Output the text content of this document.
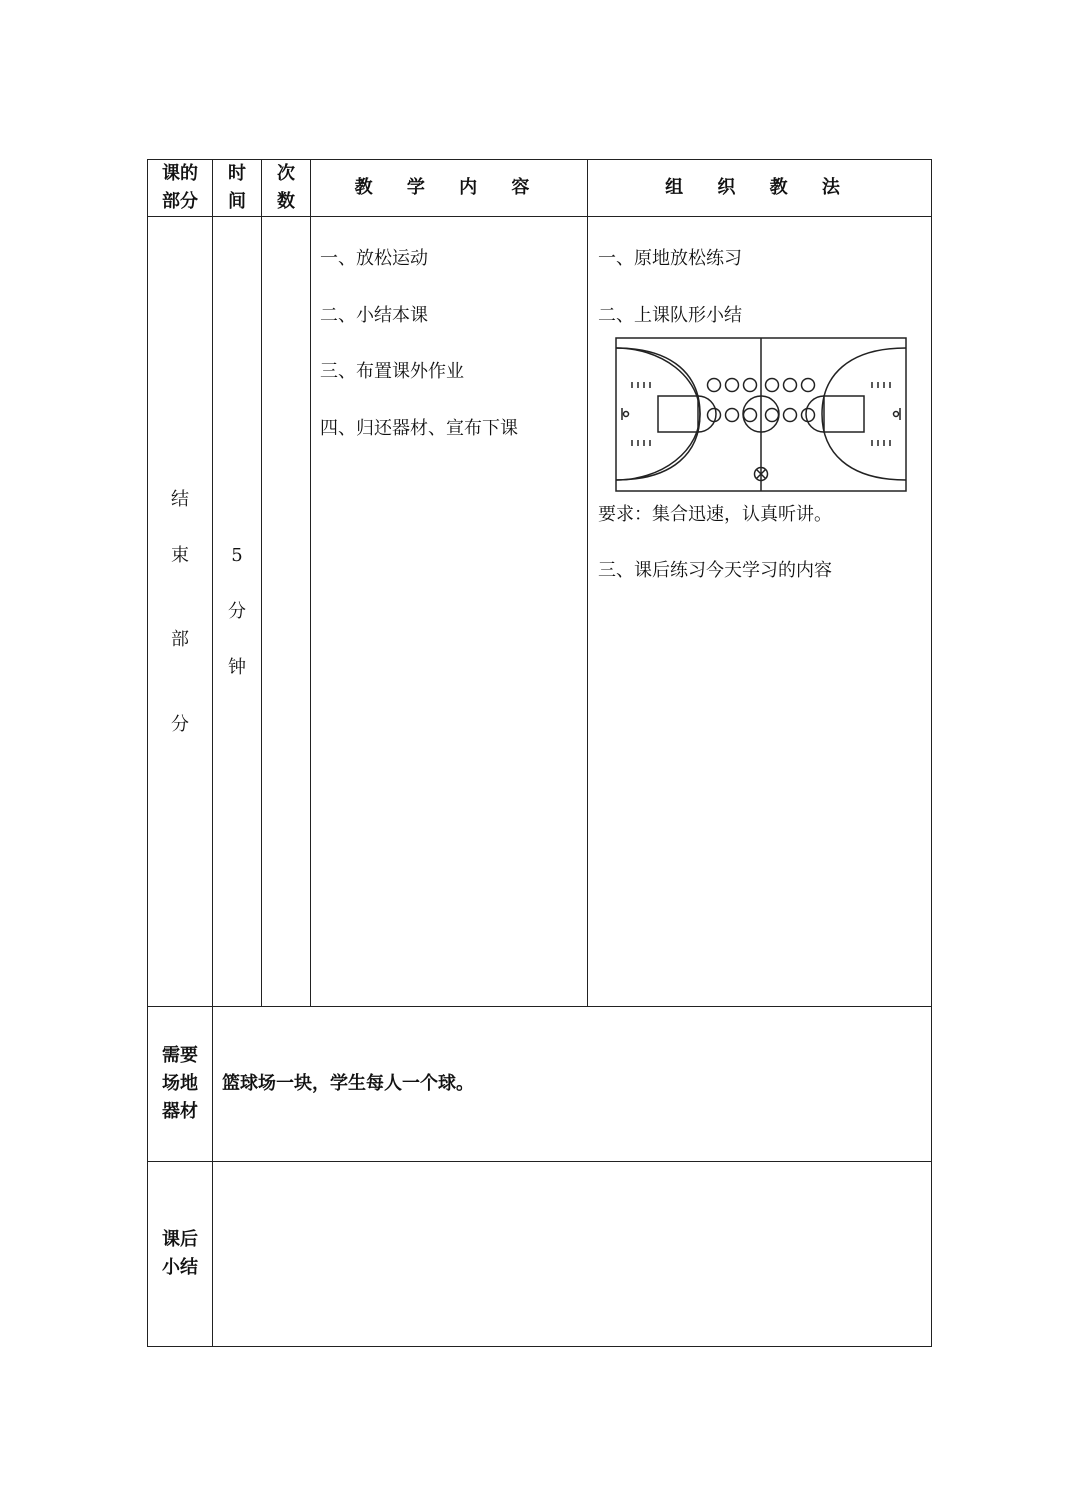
课的
部分
时
间
次
数
教 学 内 容	组 织 教 法
结
束
部
分
5
分
钟
一、放松运动
二、小结本课
三、布置课外作业
四、归还器材、宣布下课
一、原地放松练习
二、上课队形小结
要求：集合迅速，认真听讲。
三、课后练习今天学习的内容
需要
场地
器材
篮球场一块，学生每人一个球。
课后
小结
